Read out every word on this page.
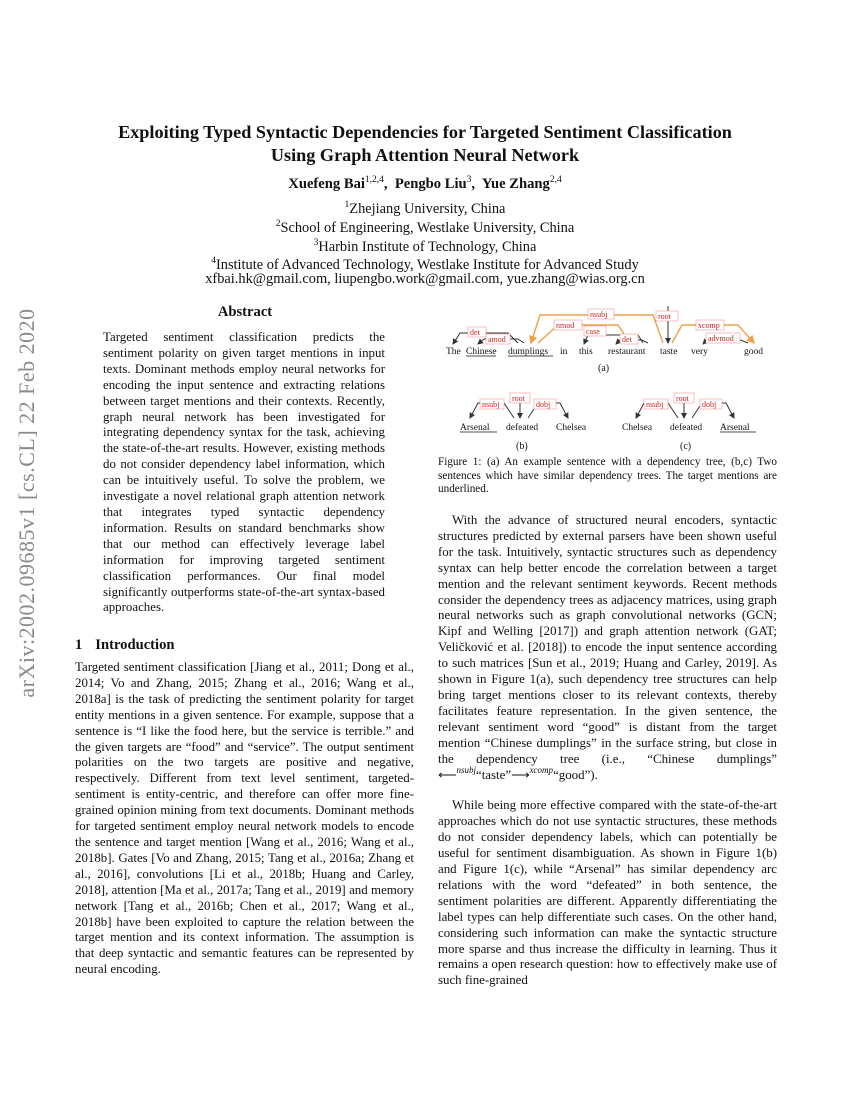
arXiv:2002.09685v1 [cs.CL] 22 Feb 2020
Exploiting Typed Syntactic Dependencies for Targeted Sentiment Classification
Using Graph Attention Neural Network
Xuefeng Bai$^{1,2,4}$,  Pengbo Liu$^3$,  Yue Zhang$^{2,4}$
$^1$Zhejiang University, China
$^2$School of Engineering, Westlake University, China
$^3$Harbin Institute of Technology, China
$^4$Institute of Advanced Technology, Westlake Institute for Advanced Study
xfbai.hk@gmail.com, liupengbo.work@gmail.com, yue.zhang@wias.org.cn
Abstract
Targeted sentiment classification predicts the sentiment polarity on given target mentions in input texts. Dominant methods employ neural networks for encoding the input sentence and extracting relations between target mentions and their contexts. Recently, graph neural network has been investigated for integrating dependency syntax for the task, achieving the state-of-the-art results. However, existing methods do not consider dependency label information, which can be intuitively useful. To solve the problem, we investigate a novel relational graph attention network that integrates typed syntactic dependency information. Results on standard benchmarks show that our method can effectively leverage label information for improving targeted sentiment classification performances. Our final model significantly outperforms state-of-the-art syntax-based approaches.
1 Introduction
Targeted sentiment classification [Jiang et al., 2011; Dong et al., 2014; Vo and Zhang, 2015; Zhang et al., 2016; Wang et al., 2018a] is the task of predicting the sentiment polarity for target entity mentions in a given sentence. For example, suppose that a sentence is “I like the food here, but the service is terrible.” and the given targets are “food” and “service”. The output sentiment polarities on the two targets are positive and negative, respectively. Different from text level sentiment, targeted-sentiment is entity-centric, and therefore can offer more fine-grained opinion mining from text documents. Dominant methods for targeted sentiment employ neural network models to encode the sentence and target mention [Wang et al., 2016; Wang et al., 2018b]. Gates [Vo and Zhang, 2015; Tang et al., 2016a; Zhang et al., 2016], convolutions [Li et al., 2018b; Huang and Carley, 2018], attention [Ma et al., 2017a; Tang et al., 2019] and memory network [Tang et al., 2016b; Chen et al., 2017; Wang et al., 2018b] have been exploited to capture the relation between the target mention and its context information. The assumption is that deep syntactic and semantic features can be represented by neural encoding.
The Chinese dumplings in this restaurant taste very	good
det
amod
nsubj
nmod
case
det
root
xcomp
advmod
(a)
Arsenal defeated Chelsea
root
nsubj	dobj
(b)
Chelsea defeated Arsenal
root
nsubj	dobj
(c)
Figure 1: (a) An example sentence with a dependency tree, (b,c) Two sentences which have similar dependency trees. The target mentions are underlined.

With the advance of structured neural encoders, syntactic structures predicted by external parsers have been shown useful for the task. Intuitively, syntactic structures such as dependency syntax can help better encode the correlation between a target mention and the relevant sentiment keywords. Recent methods consider the dependency trees as adjacency matrices, using graph neural networks such as graph convolutional networks (GCN; Kipf and Welling [2017]) and graph attention network (GAT; Veličković et al. [2018]) to encode the input sentence according to such matrices [Sun et al., 2019; Huang and Carley, 2019]. As shown in Figure 1(a), such dependency tree structures can help bring target mentions closer to its relevant contexts, thereby facilitates feature representation. In the given sentence, the relevant sentiment word “good” is distant from the target mention “Chinese dumplings” in the surface string, but close in the dependency tree (i.e., “Chinese dumplings” ⟵$^{nsubj}$“taste”⟶$^{xcomp}$“good”).

While being more effective compared with the state-of-the-art approaches which do not use syntactic structures, these methods do not consider dependency labels, which can potentially be useful for sentiment disambiguation. As shown in Figure 1(b) and Figure 1(c), while “Arsenal” has similar dependency arc relations with the word “defeated” in both sentence, the sentiment polarities are different. Apparently differentiating the label types can help differentiate such cases. On the other hand, considering such information can make the syntactic structure more sparse and thus increase the difficulty in learning. Thus it remains a open research question: how to effectively make use of such fine-grained
